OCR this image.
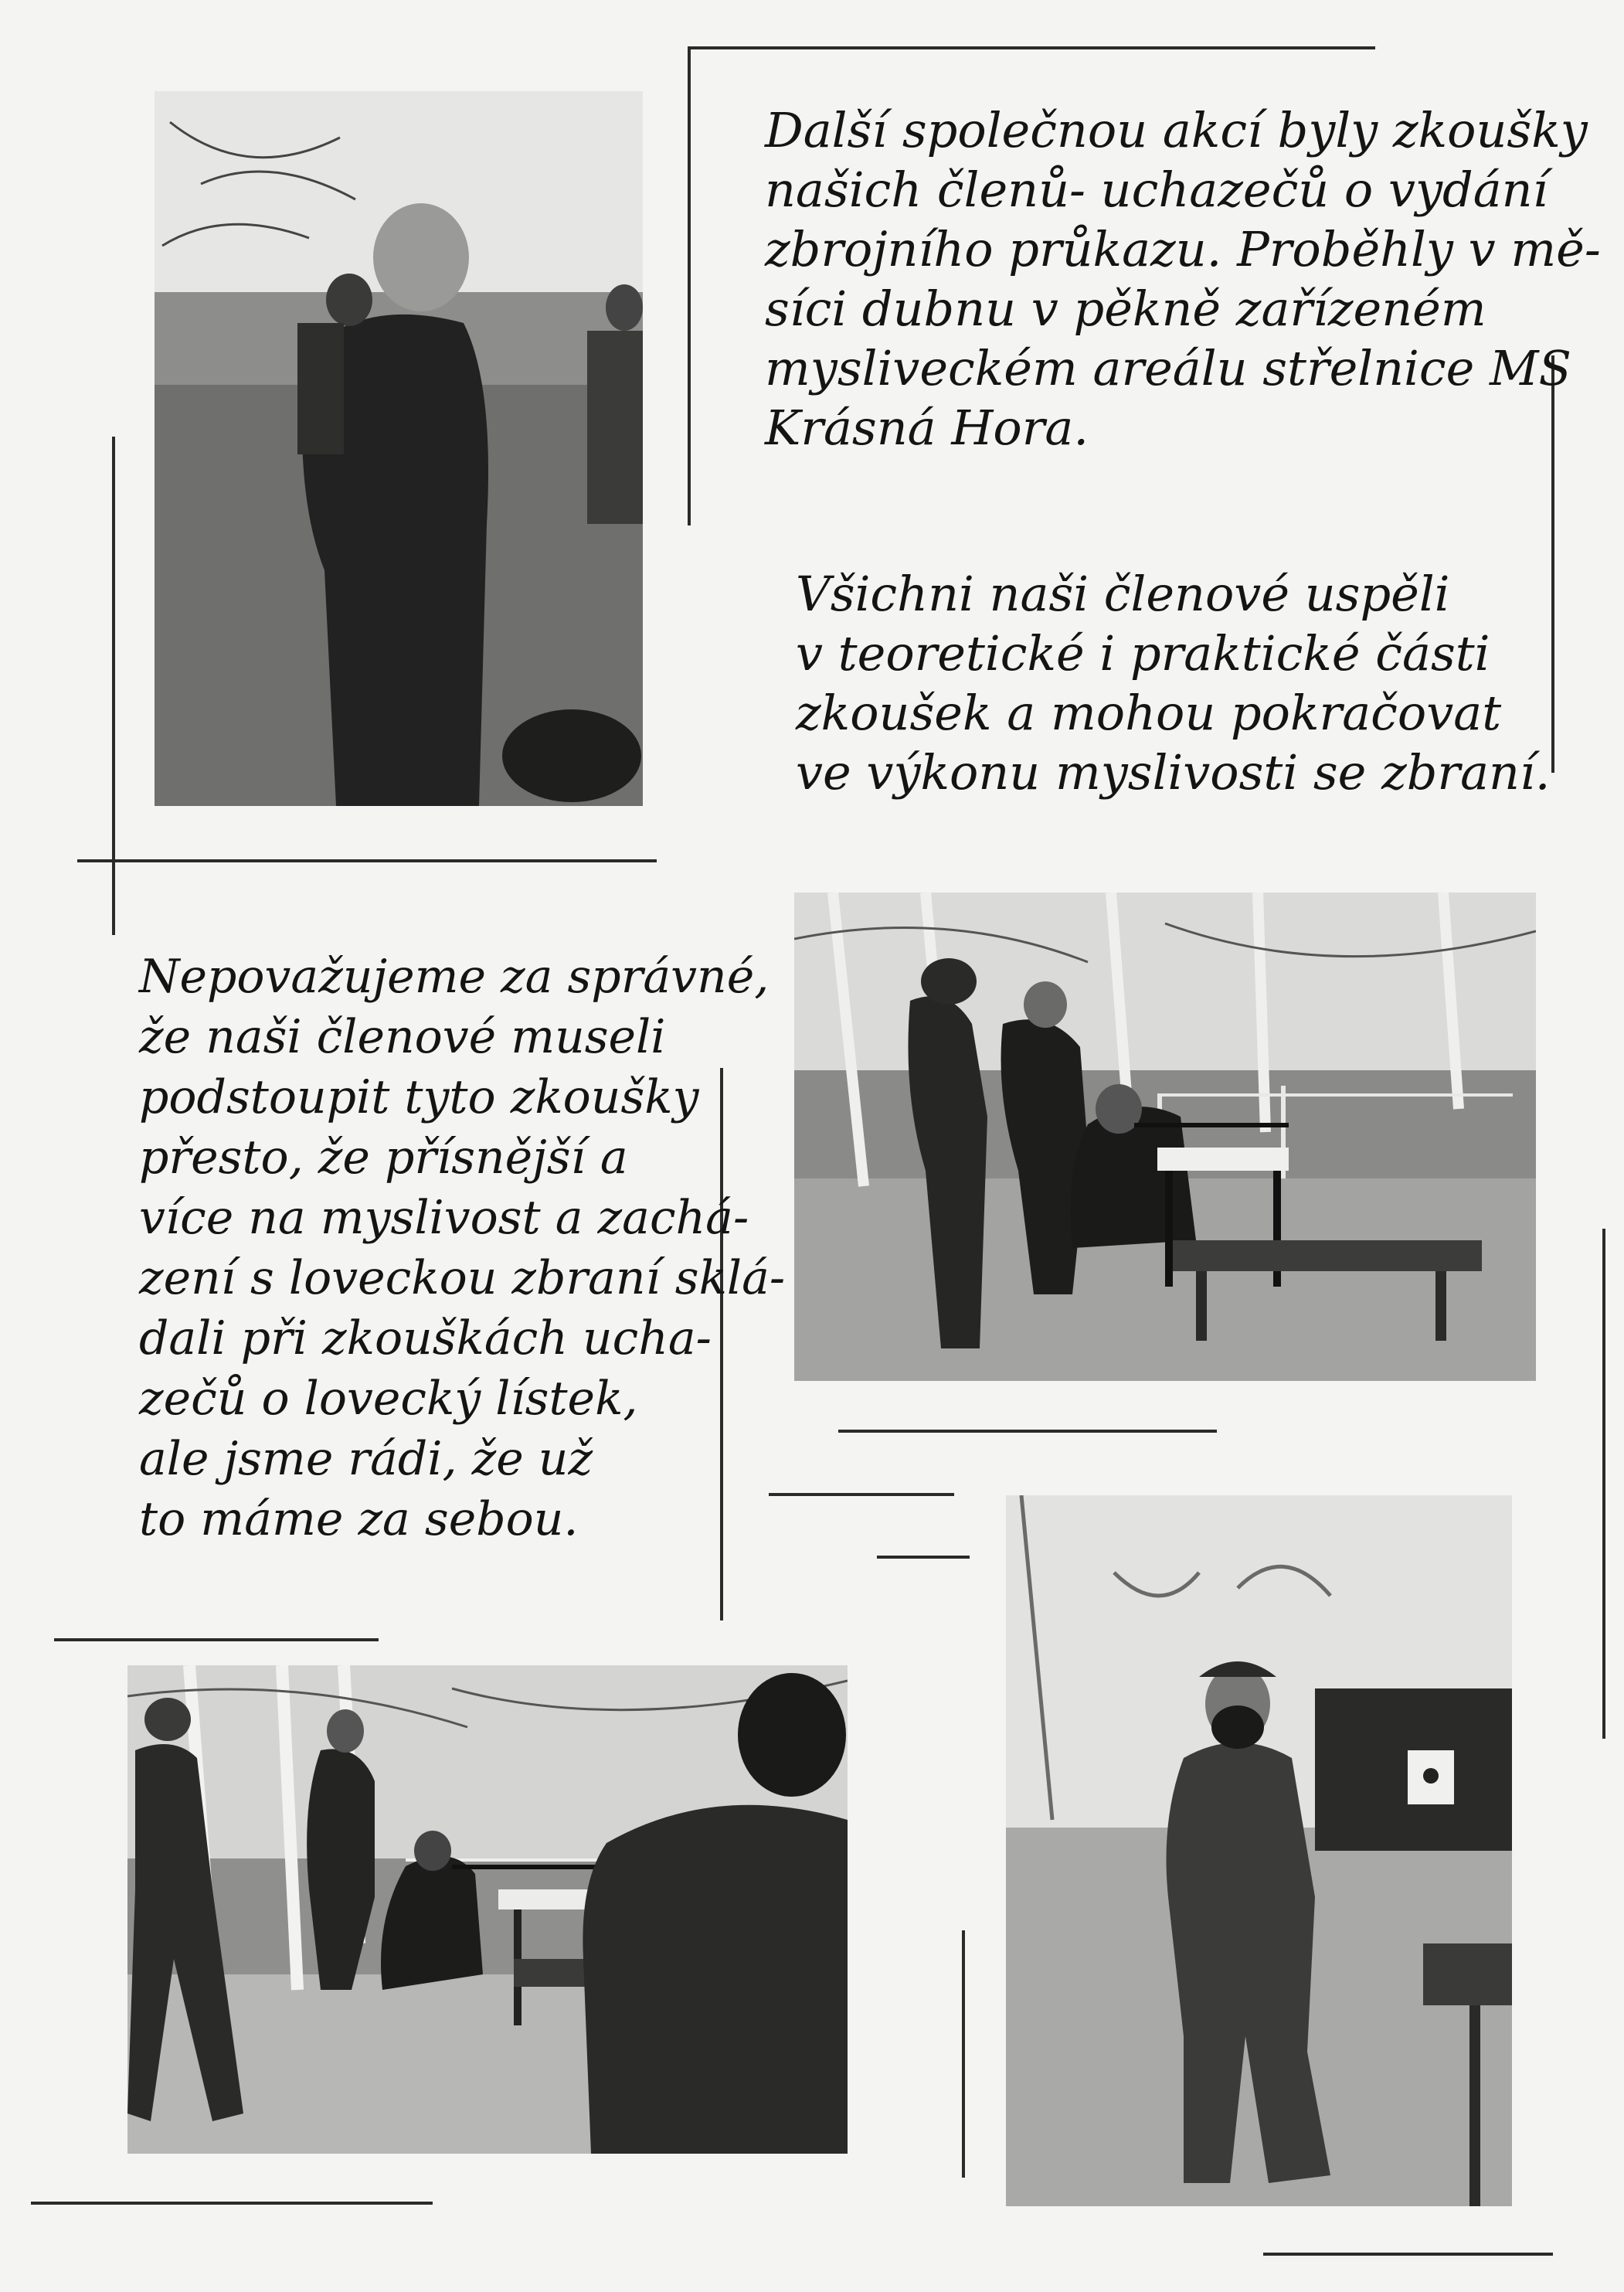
Další společnou akcí byly zkoušky
našich členů- uchazečů o vydání
zbrojního průkazu. Proběhly v mě-
síci dubnu v pěkně zařízeném
mysliveckém areálu střelnice MS
Krásná Hora.
Všichni naši členové uspěli
v teoretické i praktické části
zkoušek a mohou pokračovat
ve výkonu myslivosti se zbraní.
Nepovažujeme za správné,
že naši členové museli
podstoupit tyto zkoušky
přesto, že přísnější a
více na myslivost a zachá-
zení s loveckou zbraní sklá-
dali při zkouškách ucha-
zečů o lovecký lístek,
ale jsme rádi, že už
to máme za sebou.
